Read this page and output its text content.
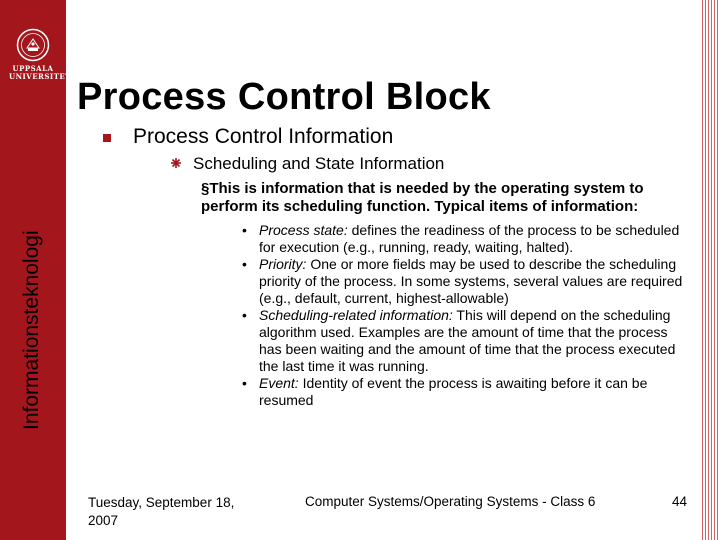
UPPSALA
UNIVERSITET
Informationsteknologi
Process Control Block
Process Control Information
Scheduling and State Information
§This is information that is needed by the operating system to perform its scheduling function. Typical items of information:
• Process state: defines the readiness of the process to be scheduled for execution (e.g., running, ready, waiting, halted).
• Priority: One or more fields may be used to describe the scheduling priority of the process. In some systems, several values are required (e.g., default, current, highest-allowable)
• Scheduling-related information: This will depend on the scheduling algorithm used. Examples are the amount of time that the process has been waiting and the amount of time that the process executed the last time it was running.
• Event: Identity of event the process is awaiting before it can be resumed
Tuesday, September 18, 2007
Computer Systems/Operating Systems - Class 6	44
